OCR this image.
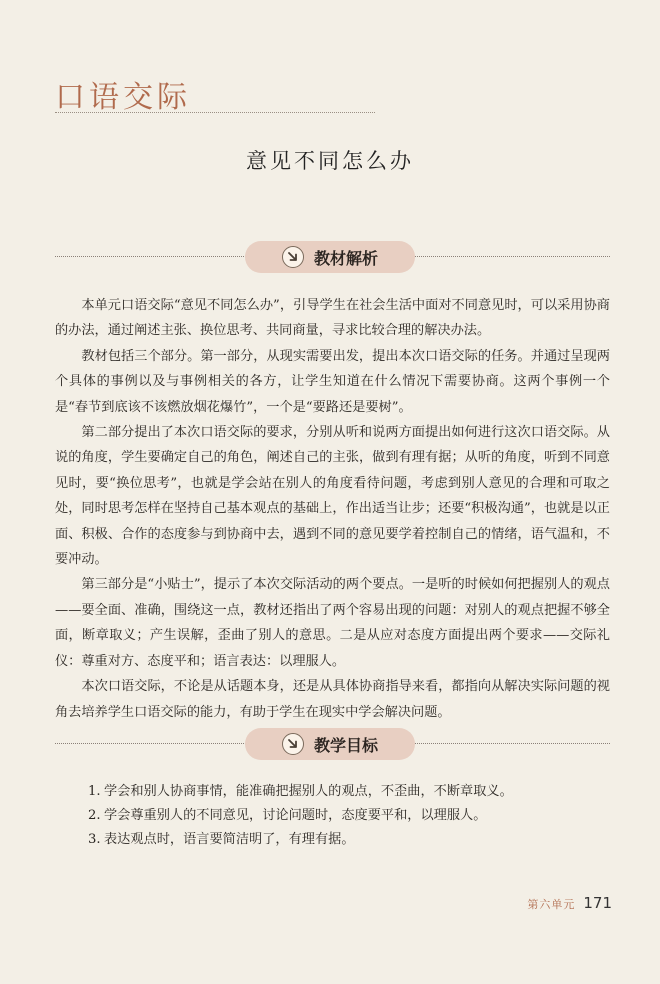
口语交际
意见不同怎么办
教材解析

本单元口语交际“意见不同怎么办”，引导学生在社会生活中面对不同意见时，可以采用协商的办法，通过阐述主张、换位思考、共同商量，寻求比较合理的解决办法。

教材包括三个部分。第一部分，从现实需要出发，提出本次口语交际的任务。并通过呈现两个具体的事例以及与事例相关的各方，让学生知道在什么情况下需要协商。这两个事例一个是“春节到底该不该燃放烟花爆竹”，一个是“要路还是要树”。

第二部分提出了本次口语交际的要求，分别从听和说两方面提出如何进行这次口语交际。从说的角度，学生要确定自己的角色，阐述自己的主张，做到有理有据；从听的角度，听到不同意见时，要“换位思考”，也就是学会站在别人的角度看待问题，考虑到别人意见的合理和可取之处，同时思考怎样在坚持自己基本观点的基础上，作出适当让步；还要“积极沟通”，也就是以正面、积极、合作的态度参与到协商中去，遇到不同的意见要学着控制自己的情绪，语气温和，不要冲动。

第三部分是“小贴士”，提示了本次交际活动的两个要点。一是听的时候如何把握别人的观点——要全面、准确，围绕这一点，教材还指出了两个容易出现的问题：对别人的观点把握不够全面，断章取义；产生误解，歪曲了别人的意思。二是从应对态度方面提出两个要求——交际礼仪：尊重对方、态度平和；语言表达：以理服人。

本次口语交际，不论是从话题本身，还是从具体协商指导来看，都指向从解决实际问题的视角去培养学生口语交际的能力，有助于学生在现实中学会解决问题。

教学目标
1. 学会和别人协商事情，能准确把握别人的观点，不歪曲，不断章取义。
2. 学会尊重别人的不同意见，讨论问题时，态度要平和，以理服人。
3. 表达观点时，语言要简洁明了，有理有据。
第六单元 171
